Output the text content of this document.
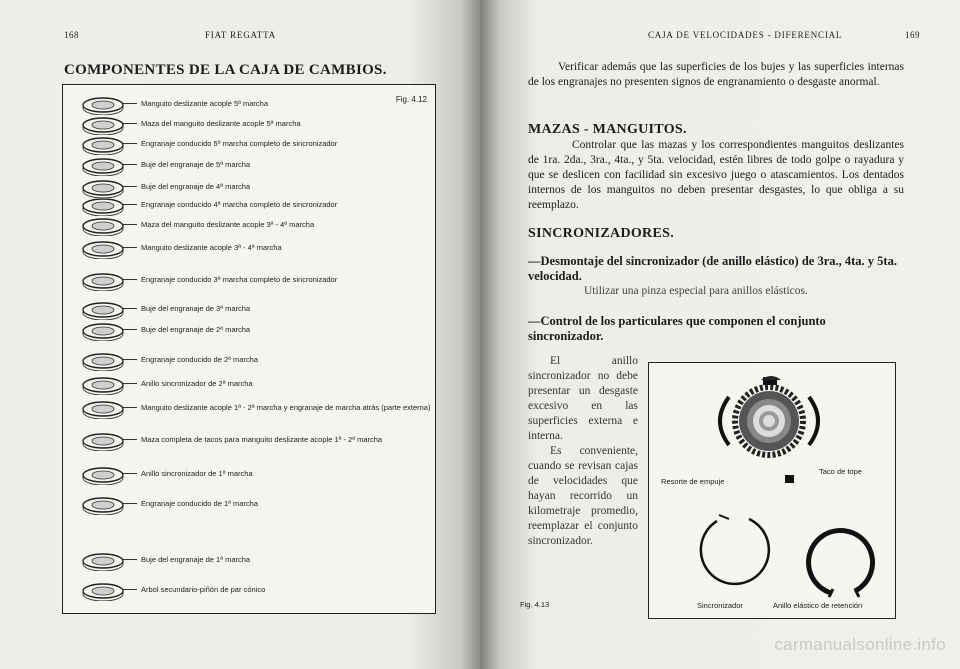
168	FIAT REGATTA
COMPONENTES DE LA CAJA DE CAMBIOS.
Fig. 4.12
Manguito deslizante acople 5ª marcha
Maza del manguito deslizante acople 5ª marcha
Engranaje conducido 5ª marcha completo de sincronizador
Buje del engranaje de 5ª marcha
Buje del engranaje de 4ª marcha
Engranaje conducido 4ª marcha completo de sincronizador
Maza del manguito deslizante acople 3ª - 4ª marcha
Manguito deslizante acople 3ª - 4ª marcha
Engranaje conducido 3ª marcha completo de sincronizador
Buje del engranaje de 3ª marcha
Buje del engranaje de 2ª marcha
Engranaje conducido de 2ª marcha
Anillo sincronizador de 2ª marcha
Manguito deslizante acople 1ª - 2ª marcha y engranaje de marcha atrás (parte externa)
Maza completa de tacos para manguito deslizante acople 1ª - 2ª marcha
Anillo sincronizador de 1ª marcha
Engranaje conducido de 1ª marcha
Buje del engranaje de 1ª marcha
Arbol secundario-piñón de par cónico
CAJA DE VELOCIDADES - DIFERENCIAL	169
Verificar además que las superficies de los bujes y las superficies internas de los engranajes no presenten signos de engranamiento o desgaste anormal.
MAZAS - MANGUITOS.
Controlar que las mazas y los correspondientes manguitos deslizantes de 1ra. 2da., 3ra., 4ta., y 5ta. velocidad, estén libres de todo golpe o rayadura y que se deslicen con facilidad sin excesivo juego o atascamientos. Los dentados internos de los manguitos no deben presentar desgastes, lo que obliga a su reemplazo.
SINCRONIZADORES.
—Desmontaje del sincronizador (de anillo elástico) de 3ra., 4ta. y 5ta. velocidad.
Utilizar una pinza especial para anillos elásticos.
—Control de los particulares que componen el conjunto sincronizador.
El anillo sincronizador no debe presentar un desgaste excesivo en las superficies externa e interna.
Es conveniente, cuando se revisan cajas de velocidades que hayan recorrido un kilometraje promedio, reemplazar el conjunto sincronizador.
Fig. 4.13
Resorte de empuje
Taco de tope
Sincronizador	Anillo elástico de retención
carmanualsonline.info
